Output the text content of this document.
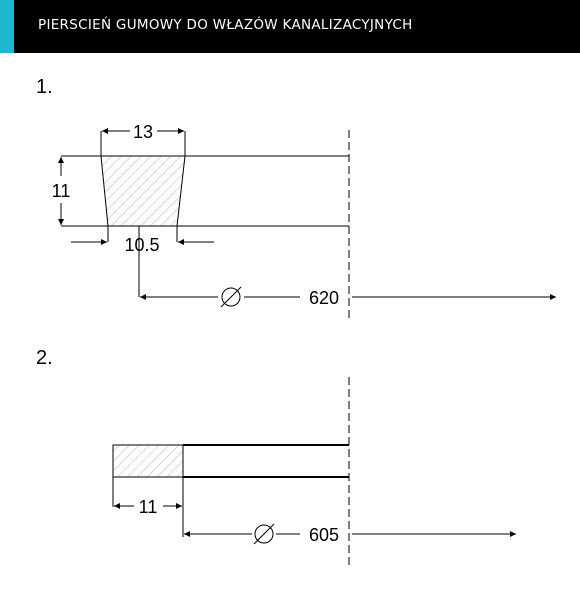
PIERSCIEŃ GUMOWY DO WŁAZÓW KANALIZACYJNYCH
1.
13
11
10.5
620
2.
11
605
